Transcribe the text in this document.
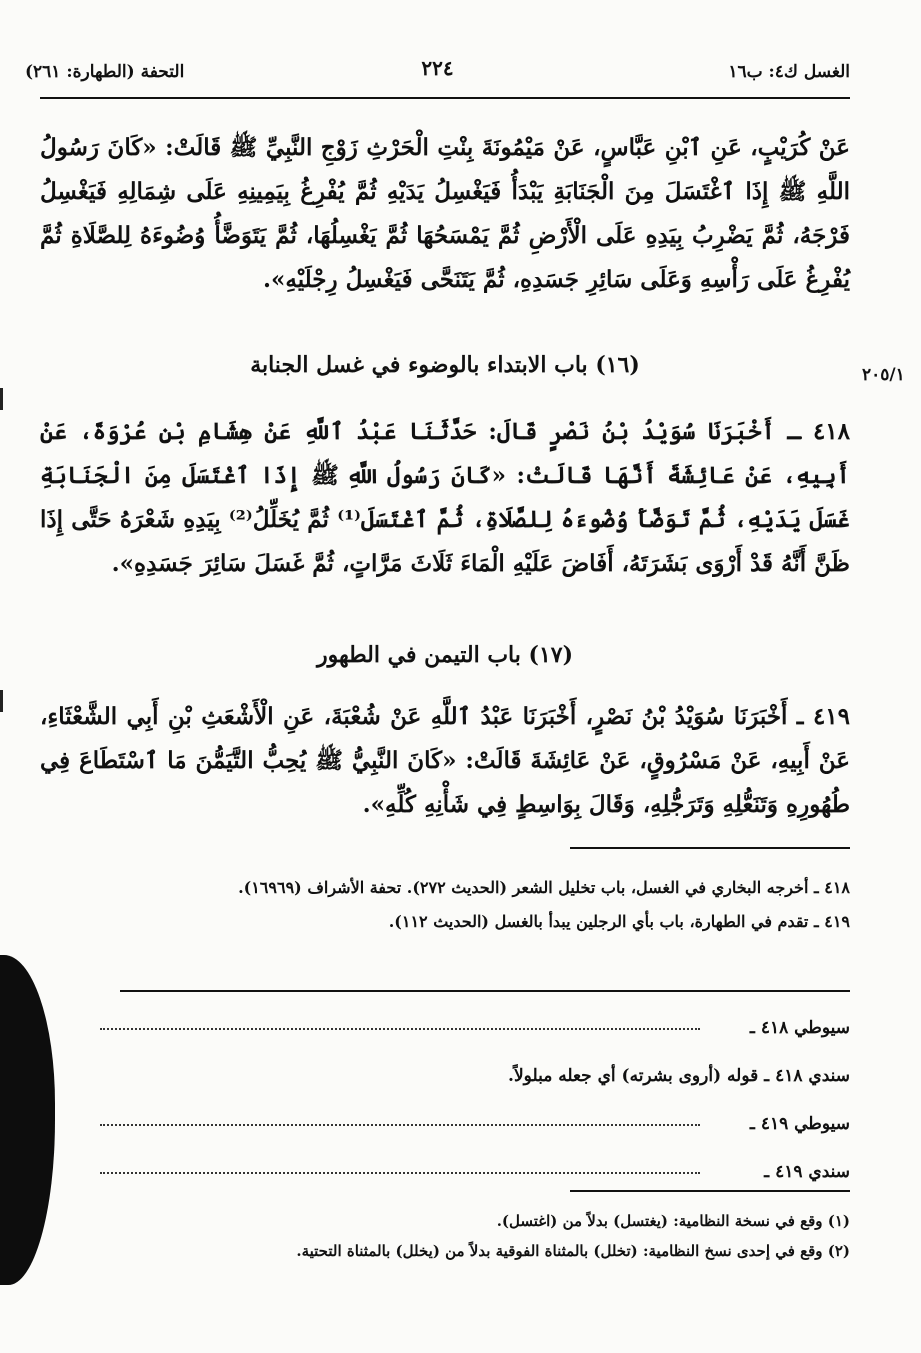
الغسل ك٤: ب١٦
٢٢٤
التحفة (الطهارة: ٢٦١)
عَنْ كُرَيْبٍ، عَنِ ٱبْنِ عَبَّاسٍ، عَنْ مَيْمُونَةَ بِنْتِ الْحَرْثِ زَوْجِ النَّبِيِّ ﷺ قَالَتْ: «كَانَ رَسُولُ اللَّهِ ﷺ إِذَا ٱغْتَسَلَ مِنَ الْجَنَابَةِ يَبْدَأُ فَيَغْسِلُ يَدَيْهِ ثُمَّ يُفْرِغُ بِيَمِينِهِ عَلَى شِمَالِهِ فَيَغْسِلُ فَرْجَهُ، ثُمَّ يَضْرِبُ بِيَدِهِ عَلَى الْأَرْضِ ثُمَّ يَمْسَحُهَا ثُمَّ يَغْسِلُهَا، ثُمَّ يَتَوَضَّأُ وُضُوءَهُ لِلصَّلَاةِ ثُمَّ يُفْرِغُ عَلَى رَأْسِهِ وَعَلَى سَائِرِ جَسَدِهِ، ثُمَّ يَتَنَحَّى فَيَغْسِلُ رِجْلَيْهِ».
(١٦) باب الابتداء بالوضوء في غسل الجنابة	٢٠٥/١
٤١٨ ـ أَخْبَرَنَا سُوَيْدُ بْنُ نَصْرٍ قَالَ: حَدَّثَنَا عَبْدُ ٱللَّهِ عَنْ هِشَامِ بْنِ عُرْوَةَ، عَنْ أَبِيهِ، عَنْ عَائِشَةَ أَنَّهَا قَالَتْ: «كَانَ رَسُولُ اللَّهِ ﷺ إِذَا ٱغْتَسَلَ مِنَ الْجَنَابَةِ غَسَلَ يَدَيْهِ، ثُمَّ تَوَضَّأَ وُضُوءَهُ لِلصَّلَاةِ، ثُمَّ ٱغْتَسَلَ⁽¹⁾ ثُمَّ يُخَلِّلُ⁽²⁾ بِيَدِهِ شَعْرَهُ حَتَّى إِذَا ظَنَّ أَنَّهُ قَدْ أَرْوَى بَشَرَتَهُ، أَفَاضَ عَلَيْهِ الْمَاءَ ثَلَاثَ مَرَّاتٍ، ثُمَّ غَسَلَ سَائِرَ جَسَدِهِ».
(١٧) باب التيمن في الطهور
٤١٩ ـ أَخْبَرَنَا سُوَيْدُ بْنُ نَصْرٍ، أَخْبَرَنَا عَبْدُ ٱللَّهِ عَنْ شُعْبَةَ، عَنِ الْأَشْعَثِ بْنِ أَبِي الشَّعْثَاءِ، عَنْ أَبِيهِ، عَنْ مَسْرُوقٍ، عَنْ عَائِشَةَ قَالَتْ: «كَانَ النَّبِيُّ ﷺ يُحِبُّ التَّيَمُّنَ مَا ٱسْتَطَاعَ فِي طُهُورِهِ وَتَنَعُّلِهِ وَتَرَجُّلِهِ، وَقَالَ بِوَاسِطٍ فِي شَأْنِهِ كُلِّهِ».
٤١٨ ـ أخرجه البخاري في الغسل، باب تخليل الشعر (الحديث ٢٧٢). تحفة الأشراف (١٦٩٦٩).
٤١٩ ـ تقدم في الطهارة، باب بأي الرجلين يبدأ بالغسل (الحديث ١١٢).
سيوطي ٤١٨ ـ
سندي ٤١٨ ـ قوله (أروى بشرته) أي جعله مبلولاً.
سيوطي ٤١٩ ـ
سندي ٤١٩ ـ
(١) وقع في نسخة النظامية: (يغتسل) بدلاً من (اغتسل).
(٢) وقع في إحدى نسخ النظامية: (تخلل) بالمثناة الفوقية بدلاً من (يخلل) بالمثناة التحتية.
